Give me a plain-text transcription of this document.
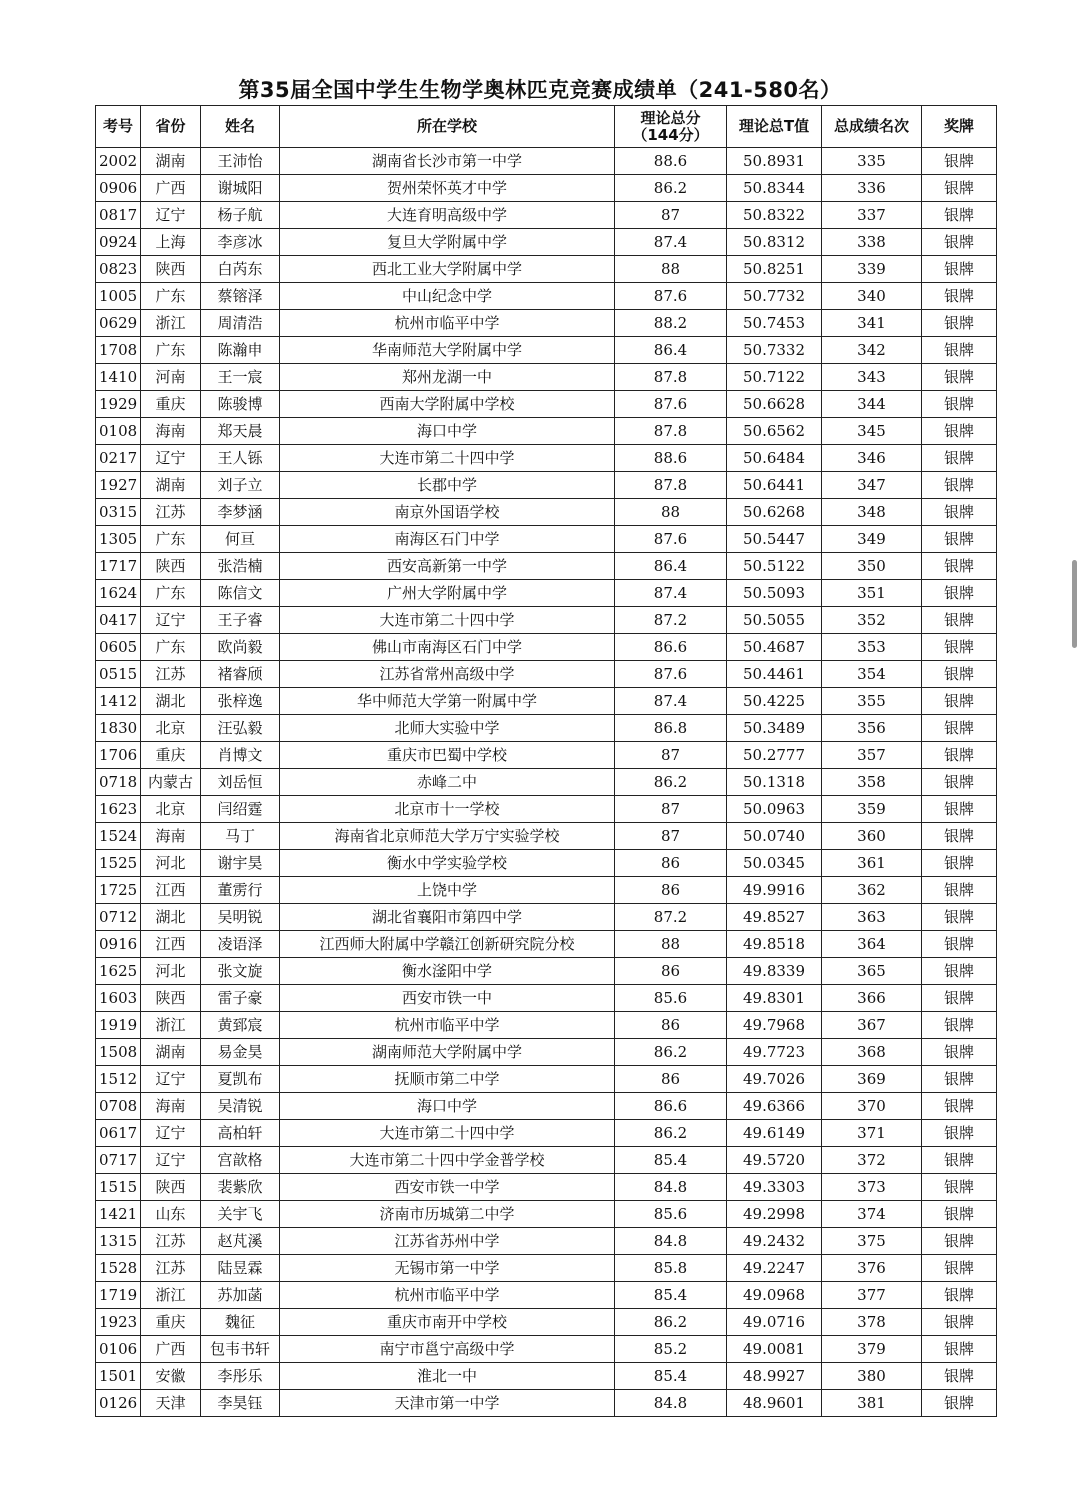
第35届全国中学生生物学奥林匹克竞赛成绩单（241-580名）
考号	省份	姓名	所在学校	理论总分
（144分）	理论总T值	总成绩名次	奖牌
2002	湖南	王沛怡	湖南省长沙市第一中学	88.6	50.8931	335	银牌
0906	广西	谢城阳	贺州荣怀英才中学	86.2	50.8344	336	银牌
0817	辽宁	杨子航	大连育明高级中学	87	50.8322	337	银牌
0924	上海	李彦冰	复旦大学附属中学	87.4	50.8312	338	银牌
0823	陕西	白芮东	西北工业大学附属中学	88	50.8251	339	银牌
1005	广东	蔡镕泽	中山纪念中学	87.6	50.7732	340	银牌
0629	浙江	周清浩	杭州市临平中学	88.2	50.7453	341	银牌
1708	广东	陈瀚申	华南师范大学附属中学	86.4	50.7332	342	银牌
1410	河南	王一宸	郑州龙湖一中	87.8	50.7122	343	银牌
1929	重庆	陈骏博	西南大学附属中学校	87.6	50.6628	344	银牌
0108	海南	郑天晨	海口中学	87.8	50.6562	345	银牌
0217	辽宁	王人铄	大连市第二十四中学	88.6	50.6484	346	银牌
1927	湖南	刘子立	长郡中学	87.8	50.6441	347	银牌
0315	江苏	李梦涵	南京外国语学校	88	50.6268	348	银牌
1305	广东	何亘	南海区石门中学	87.6	50.5447	349	银牌
1717	陕西	张浩楠	西安高新第一中学	86.4	50.5122	350	银牌
1624	广东	陈信文	广州大学附属中学	87.4	50.5093	351	银牌
0417	辽宁	王子睿	大连市第二十四中学	87.2	50.5055	352	银牌
0605	广东	欧尚毅	佛山市南海区石门中学	86.6	50.4687	353	银牌
0515	江苏	褚睿颀	江苏省常州高级中学	87.6	50.4461	354	银牌
1412	湖北	张梓逸	华中师范大学第一附属中学	87.4	50.4225	355	银牌
1830	北京	汪弘毅	北师大实验中学	86.8	50.3489	356	银牌
1706	重庆	肖博文	重庆市巴蜀中学校	87	50.2777	357	银牌
0718	内蒙古	刘岳恒	赤峰二中	86.2	50.1318	358	银牌
1623	北京	闫绍霆	北京市十一学校	87	50.0963	359	银牌
1524	海南	马丁	海南省北京师范大学万宁实验学校	87	50.0740	360	银牌
1525	河北	谢宇昊	衡水中学实验学校	86	50.0345	361	银牌
1725	江西	董雳行	上饶中学	86	49.9916	362	银牌
0712	湖北	吴明锐	湖北省襄阳市第四中学	87.2	49.8527	363	银牌
0916	江西	凌语泽	江西师大附属中学赣江创新研究院分校	88	49.8518	364	银牌
1625	河北	张文旋	衡水滏阳中学	86	49.8339	365	银牌
1603	陕西	雷子豪	西安市铁一中	85.6	49.8301	366	银牌
1919	浙江	黄郅宸	杭州市临平中学	86	49.7968	367	银牌
1508	湖南	易金昊	湖南师范大学附属中学	86.2	49.7723	368	银牌
1512	辽宁	夏凯布	抚顺市第二中学	86	49.7026	369	银牌
0708	海南	吴清锐	海口中学	86.6	49.6366	370	银牌
0617	辽宁	高柏轩	大连市第二十四中学	86.2	49.6149	371	银牌
0717	辽宁	宫歆格	大连市第二十四中学金普学校	85.4	49.5720	372	银牌
1515	陕西	裴紫欣	西安市铁一中学	84.8	49.3303	373	银牌
1421	山东	关宇飞	济南市历城第二中学	85.6	49.2998	374	银牌
1315	江苏	赵芃溪	江苏省苏州中学	84.8	49.2432	375	银牌
1528	江苏	陆昱霖	无锡市第一中学	85.8	49.2247	376	银牌
1719	浙江	苏加菡	杭州市临平中学	85.4	49.0968	377	银牌
1923	重庆	魏征	重庆市南开中学校	86.2	49.0716	378	银牌
0106	广西	包韦书轩	南宁市邕宁高级中学	85.2	49.0081	379	银牌
1501	安徽	李彤乐	淮北一中	85.4	48.9927	380	银牌
0126	天津	李昊钰	天津市第一中学	84.8	48.9601	381	银牌
